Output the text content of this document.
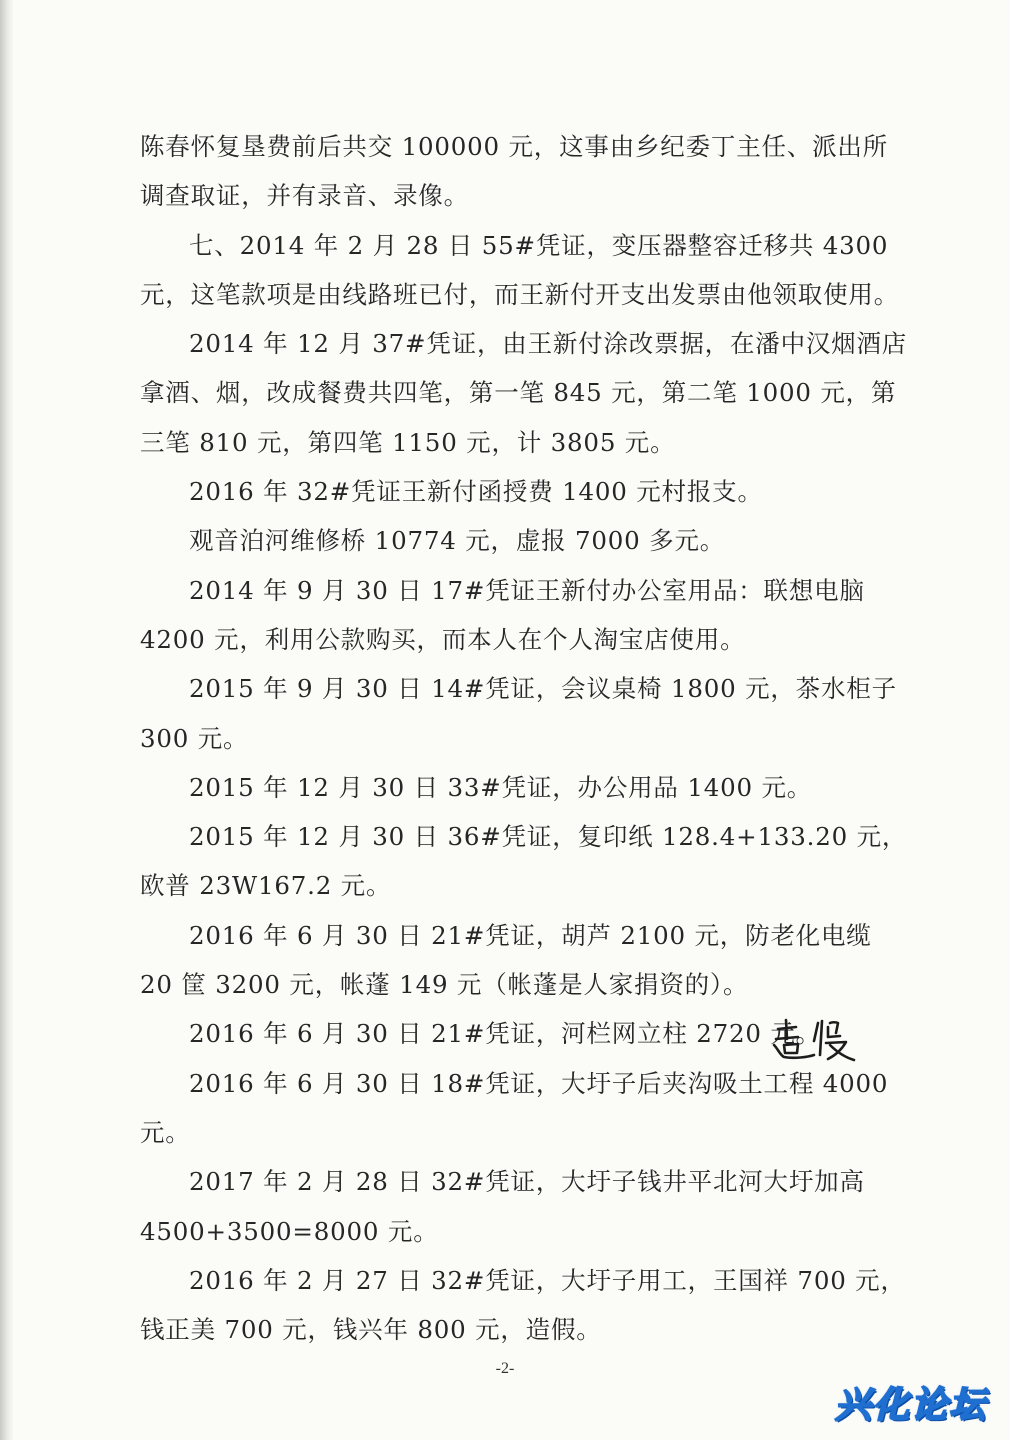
陈春怀复垦费前后共交 100000 元，这事由乡纪委丁主任、派出所调查取证，并有录音、录像。

七、2014 年 2 月 28 日 55#凭证，变压器整容迁移共 4300 元，这笔款项是由线路班已付，而王新付开支出发票由他领取使用。

2014 年 12 月 37#凭证，由王新付涂改票据，在潘中汉烟酒店拿酒、烟，改成餐费共四笔，第一笔 845 元，第二笔 1000 元，第三笔 810 元，第四笔 1150 元，计 3805 元。

2016 年 32#凭证王新付函授费 1400 元村报支。

观音泊河维修桥 10774 元，虚报 7000 多元。

2014 年 9 月 30 日 17#凭证王新付办公室用品：联想电脑 4200 元，利用公款购买，而本人在个人淘宝店使用。

2015 年 9 月 30 日 14#凭证，会议桌椅 1800 元，茶水柜子 300 元。

2015 年 12 月 30 日 33#凭证，办公用品 1400 元。

2015 年 12 月 30 日 36#凭证，复印纸 128.4+133.20 元，欧普 23W167.2 元。

2016 年 6 月 30 日 21#凭证，胡芦 2100 元，防老化电缆 20 筐 3200 元，帐蓬 149 元（帐蓬是人家捐资的）。

2016 年 6 月 30 日 21#凭证，河栏网立柱 2720 元。

2016 年 6 月 30 日 18#凭证，大圩子后夹沟吸土工程 4000 元。

2017 年 2 月 28 日 32#凭证，大圩子钱井平北河大圩加高 4500+3500=8000 元。

2016 年 2 月 27 日 32#凭证，大圩子用工，王国祥 700 元，钱正美 700 元，钱兴年 800 元，造假。

-2-
兴化论坛
